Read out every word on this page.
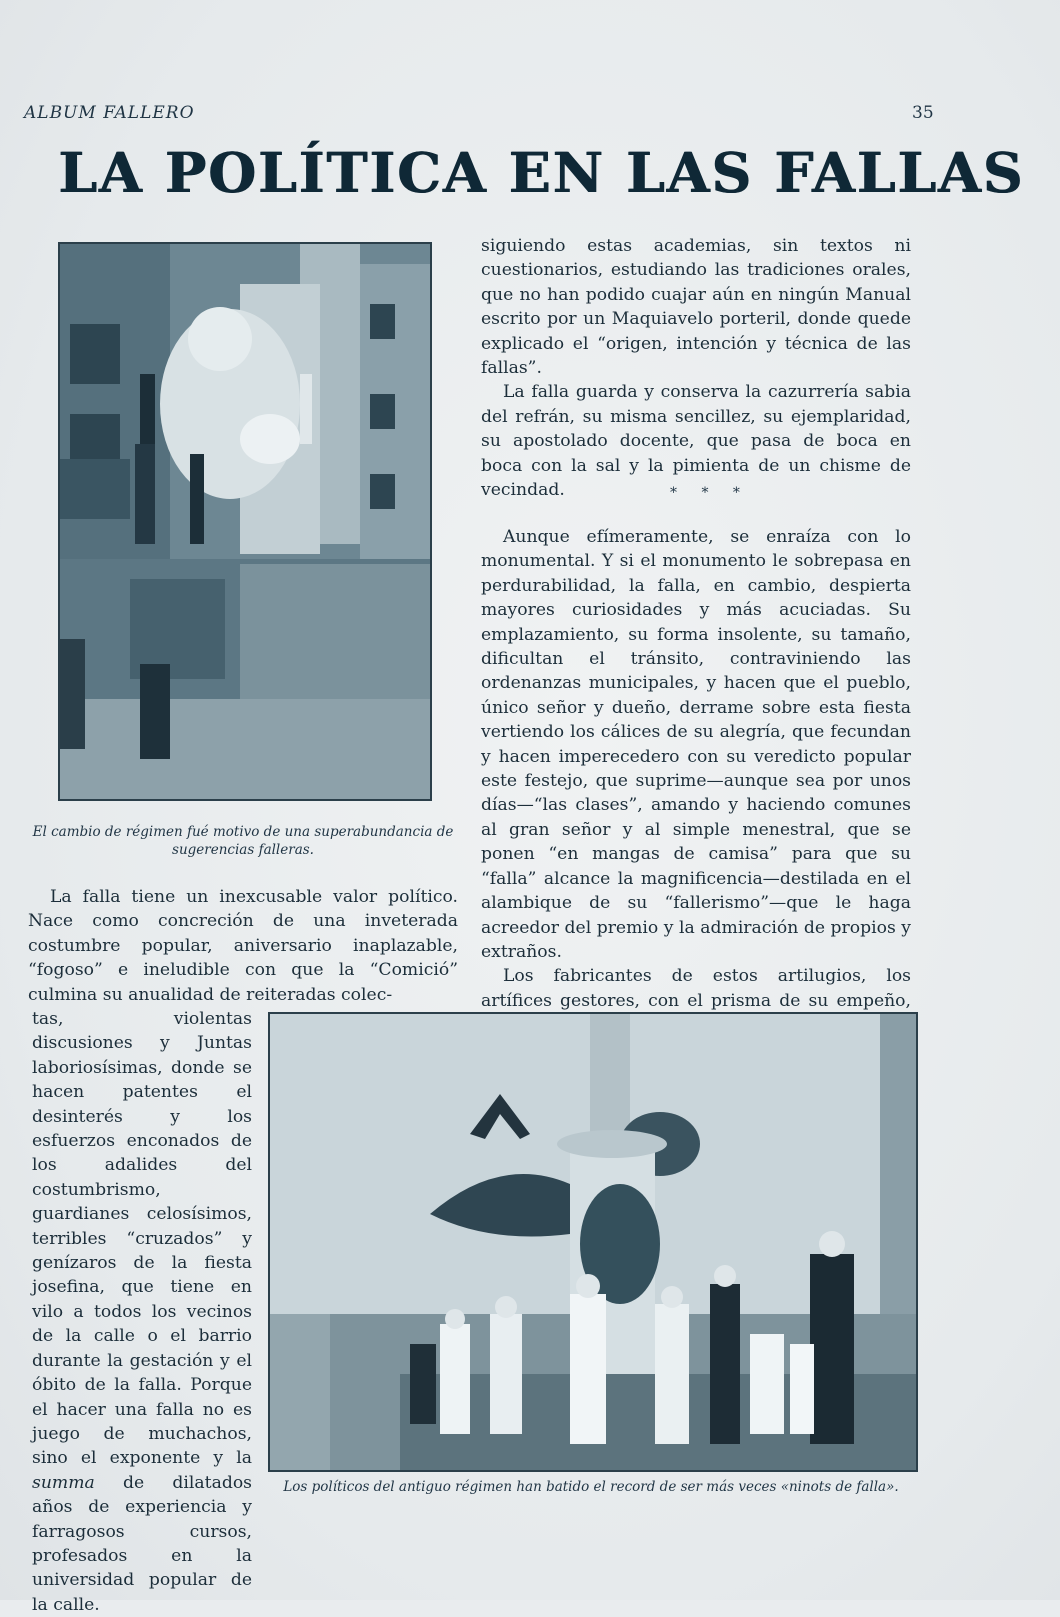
ALBUM FALLERO	35
LA POLÍTICA EN LAS FALLAS
El cambio de régimen fué motivo de una superabundancia de sugerencias falleras.

siguiendo estas academias, sin textos ni cuestionarios, estudiando las tradiciones orales, que no han podido cuajar aún en ningún Manual escrito por un Maquiavelo porteril, donde quede explicado el “origen, intención y técnica de las fallas”.

La falla guarda y conserva la cazurrería sabia del refrán, su misma sencillez, su ejemplaridad, su apostolado docente, que pasa de boca en boca con la sal y la pimienta de un chisme de vecindad.	* * *

Aunque efímeramente, se enraíza con lo monumental. Y si el monumento le sobrepasa en perdurabilidad, la falla, en cambio, despierta mayores curiosidades y más acuciadas. Su emplazamiento, su forma insolente, su tamaño, dificultan el tránsito, contraviniendo las ordenanzas municipales, y hacen que el pueblo, único señor y dueño, derrame sobre esta fiesta vertiendo los cálices de su alegría, que fecundan y hacen imperecedero con su veredicto popular este festejo, que suprime—aunque sea por unos días—“las clases”, amando y haciendo comunes al gran señor y al simple menestral, que se ponen “en mangas de camisa” para que su “falla” alcance la magnificencia—destilada en el alambique de su “fallerismo”—que le haga acreedor del premio y la admiración de propios y extraños.

Los fabricantes de estos artilugios, los artífices gestores, con el prisma de su empeño,

La falla tiene un inexcusable valor político. Nace como concreción de una inveterada costumbre popular, aniversario inaplazable, “fogoso” e ineludible con que la “Comició” culmina su anualidad de reiteradas colec-

tas, violentas discusiones y Juntas laboriosísimas, donde se hacen patentes el desinterés y los esfuerzos enconados de los adalides del costumbrismo, guardianes celosísimos, terribles “cruzados” y genízaros de la fiesta josefina, que tiene en vilo a todos los vecinos de la calle o el barrio durante la gestación y el óbito de la falla. Porque el hacer una falla no es juego de muchachos, sino el exponente y la summa de dilatados años de experiencia y farragosos cursos, profesados en la universidad popular de la calle.
Los políticos del antiguo régimen han batido el record de ser más veces «ninots de falla».
